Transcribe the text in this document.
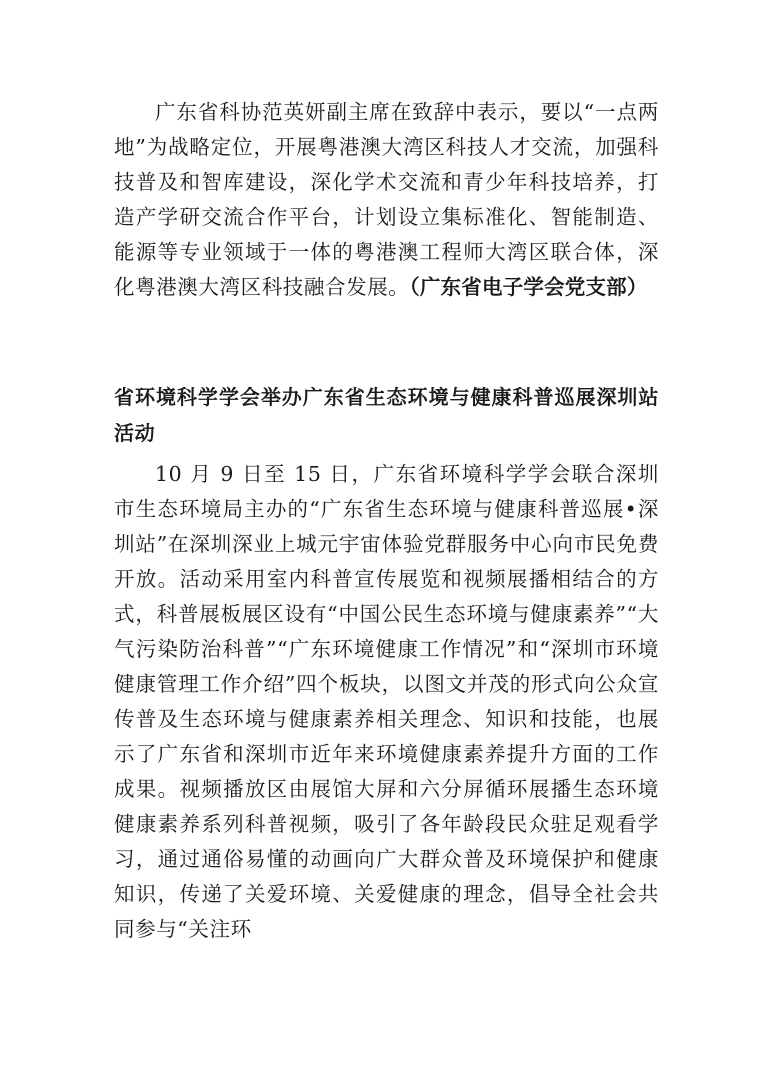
广东省科协范英妍副主席在致辞中表示，要以“一点两地”为战略定位，开展粤港澳大湾区科技人才交流，加强科技普及和智库建设，深化学术交流和青少年科技培养，打造产学研交流合作平台，计划设立集标准化、智能制造、能源等专业领域于一体的粤港澳工程师大湾区联合体，深化粤港澳大湾区科技融合发展。（广东省电子学会党支部）

省环境科学学会举办广东省生态环境与健康科普巡展深圳站活动

10 月 9 日至 15 日，广东省环境科学学会联合深圳市生态环境局主办的“广东省生态环境与健康科普巡展•深圳站”在深圳深业上城元宇宙体验党群服务中心向市民免费开放。活动采用室内科普宣传展览和视频展播相结合的方式，科普展板展区设有“中国公民生态环境与健康素养”“大气污染防治科普”“广东环境健康工作情况”和“深圳市环境健康管理工作介绍”四个板块，以图文并茂的形式向公众宣传普及生态环境与健康素养相关理念、知识和技能，也展示了广东省和深圳市近年来环境健康素养提升方面的工作成果。视频播放区由展馆大屏和六分屏循环展播生态环境健康素养系列科普视频，吸引了各年龄段民众驻足观看学习，通过通俗易懂的动画向广大群众普及环境保护和健康知识，传递了关爱环境、关爱健康的理念，倡导全社会共同参与“关注环
